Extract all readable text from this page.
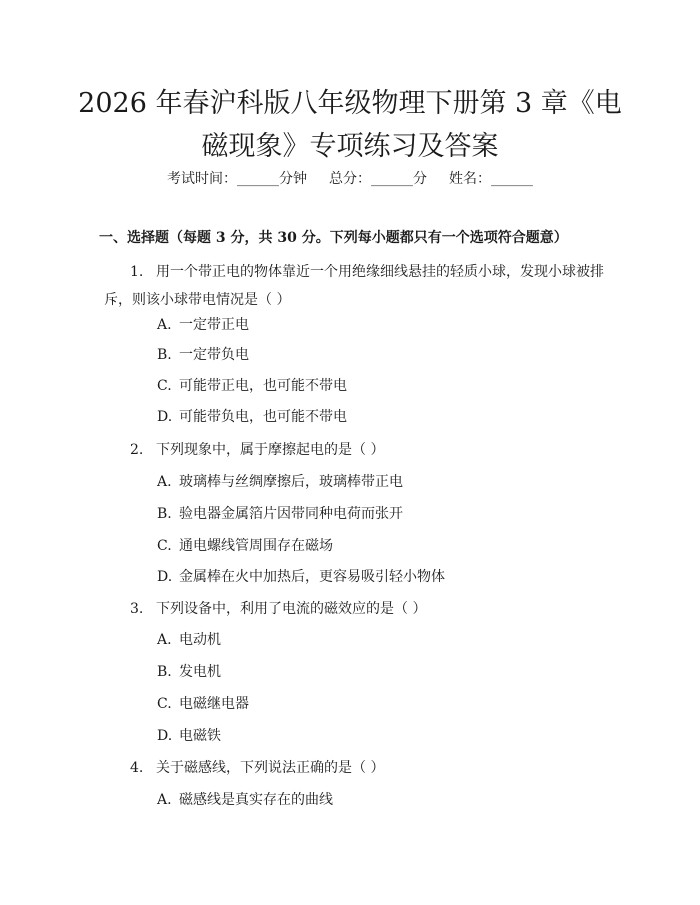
2026 年春沪科版八年级物理下册第 3 章《电
磁现象》专项练习及答案
考试时间：______分钟 总分：______分 姓名：______
一、选择题（每题 3 分，共 30 分。下列每小题都只有一个选项符合题意）
1. 用一个带正电的物体靠近一个用绝缘细线悬挂的轻质小球，发现小球被排
斥，则该小球带电情况是（ ）
A. 一定带正电
B. 一定带负电
C. 可能带正电，也可能不带电
D. 可能带负电，也可能不带电
2. 下列现象中，属于摩擦起电的是（ ）
A. 玻璃棒与丝绸摩擦后，玻璃棒带正电
B. 验电器金属箔片因带同种电荷而张开
C. 通电螺线管周围存在磁场
D. 金属棒在火中加热后，更容易吸引轻小物体
3. 下列设备中，利用了电流的磁效应的是（ ）
A. 电动机
B. 发电机
C. 电磁继电器
D. 电磁铁
4. 关于磁感线，下列说法正确的是（ ）
A. 磁感线是真实存在的曲线
